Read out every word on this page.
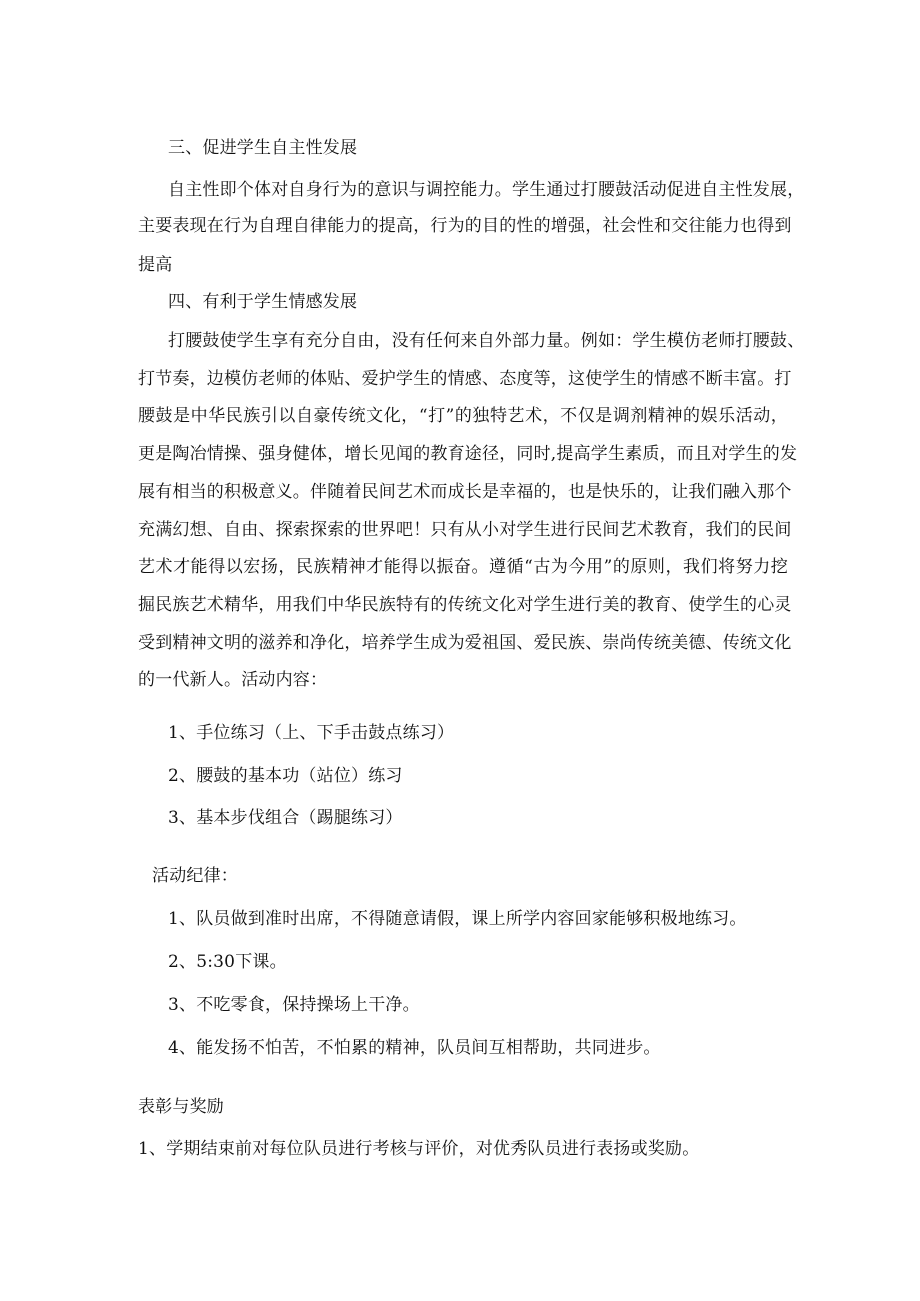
三、促进学生自主性发展
自主性即个体对自身行为的意识与调控能力。学生通过打腰鼓活动促进自主性发展，
主要表现在行为自理自律能力的提高，行为的目的性的增强，社会性和交往能力也得到
提高
四、有利于学生情感发展
打腰鼓使学生享有充分自由，没有任何来自外部力量。例如：学生模仿老师打腰鼓、
打节奏，边模仿老师的体贴、爱护学生的情感、态度等，这使学生的情感不断丰富。打
腰鼓是中华民族引以自豪传统文化，“打”的独特艺术，不仅是调剂精神的娱乐活动，
更是陶冶情操、强身健体，增长见闻的教育途径，同时,提高学生素质，而且对学生的发
展有相当的积极意义。伴随着民间艺术而成长是幸福的，也是快乐的，让我们融入那个
充满幻想、自由、探索探索的世界吧！只有从小对学生进行民间艺术教育，我们的民间
艺术才能得以宏扬，民族精神才能得以振奋。遵循“古为今用”的原则，我们将努力挖
掘民族艺术精华，用我们中华民族特有的传统文化对学生进行美的教育、使学生的心灵
受到精神文明的滋养和净化，培养学生成为爱祖国、爱民族、崇尚传统美德、传统文化
的一代新人。活动内容：
1、手位练习（上、下手击鼓点练习）
2、腰鼓的基本功（站位）练习
3、基本步伐组合（踢腿练习）
活动纪律：
1、队员做到准时出席，不得随意请假，课上所学内容回家能够积极地练习。
2、5:30下课。
3、不吃零食，保持操场上干净。
4、能发扬不怕苦，不怕累的精神，队员间互相帮助，共同进步。
表彰与奖励
1、学期结束前对每位队员进行考核与评价，对优秀队员进行表扬或奖励。
